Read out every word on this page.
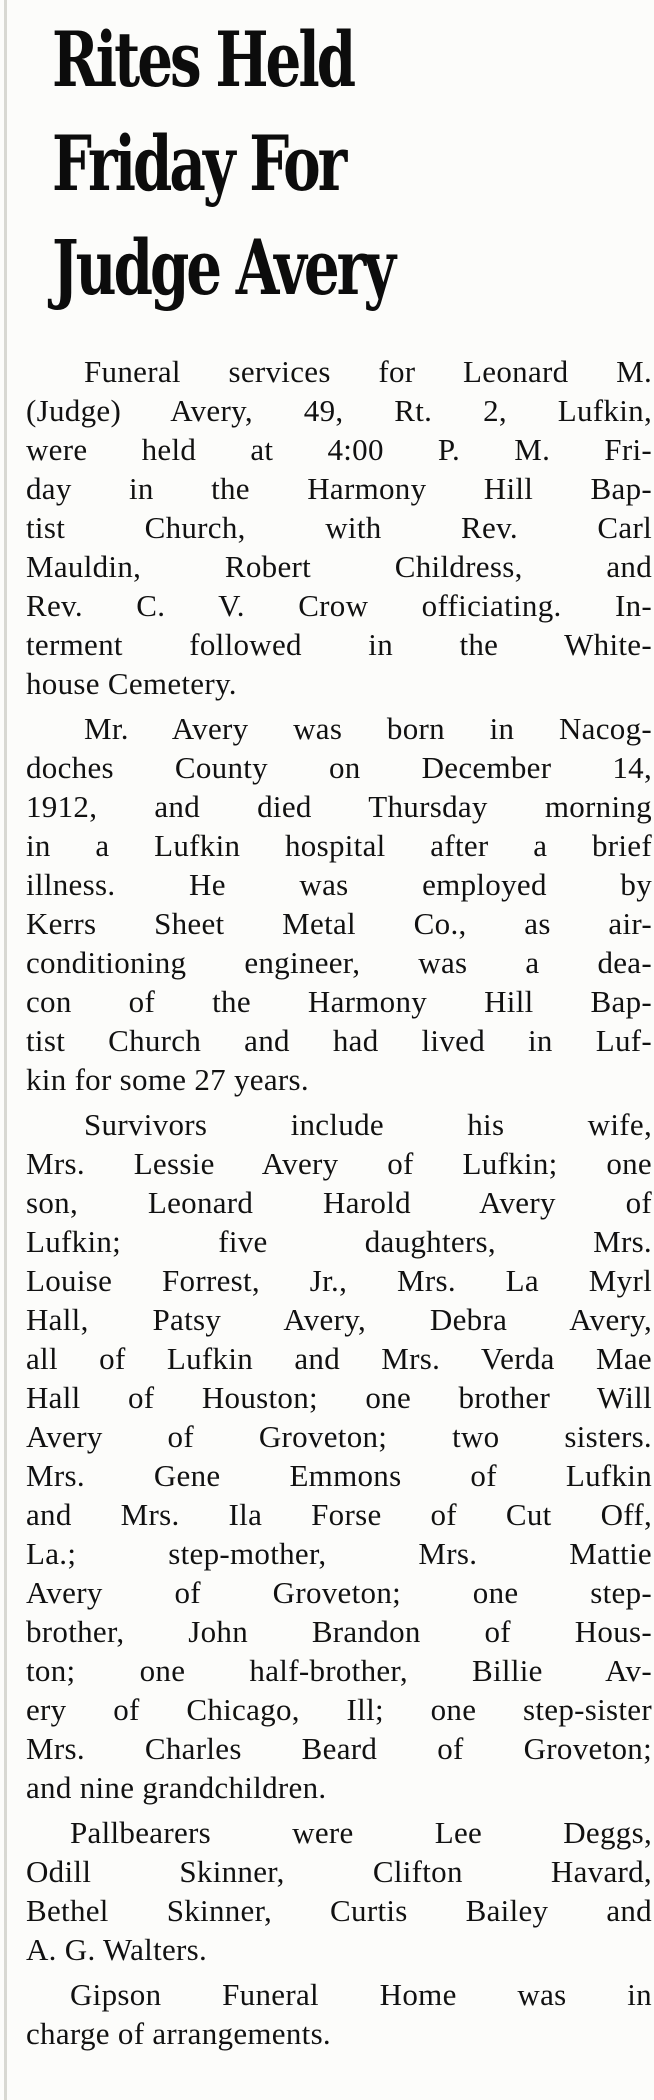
Rites Held
Friday For
Judge Avery
Funeral services for Leonard M.
(Judge) Avery, 49, Rt. 2, Lufkin,
were held at 4:00 P. M. Fri-
day in the Harmony Hill Bap-
tist Church, with Rev. Carl
Mauldin, Robert Childress, and
Rev. C. V. Crow officiating. In-
terment followed in the White-
house Cemetery.
Mr. Avery was born in Nacog-
doches County on December 14,
1912, and died Thursday morning
in a Lufkin hospital after a brief
illness. He was employed by
Kerrs Sheet Metal Co., as air-
conditioning engineer, was a dea-
con of the Harmony Hill Bap-
tist Church and had lived in Luf-
kin for some 27 years.
Survivors include his wife,
Mrs. Lessie Avery of Lufkin; one
son, Leonard Harold Avery of
Lufkin; five daughters, Mrs.
Louise Forrest, Jr., Mrs. La Myrl
Hall, Patsy Avery, Debra Avery,
all of Lufkin and Mrs. Verda Mae
Hall of Houston; one brother Will
Avery of Groveton; two sisters.
Mrs. Gene Emmons of Lufkin
and Mrs. Ila Forse of Cut Off,
La.; step-mother, Mrs. Mattie
Avery of Groveton; one step-
brother, John Brandon of Hous-
ton; one half-brother, Billie Av-
ery of Chicago, Ill; one step-sister
Mrs. Charles Beard of Groveton;
and nine grandchildren.
Pallbearers were Lee Deggs,
Odill Skinner, Clifton Havard,
Bethel Skinner, Curtis Bailey and
A. G. Walters.
Gipson Funeral Home was in
charge of arrangements.
